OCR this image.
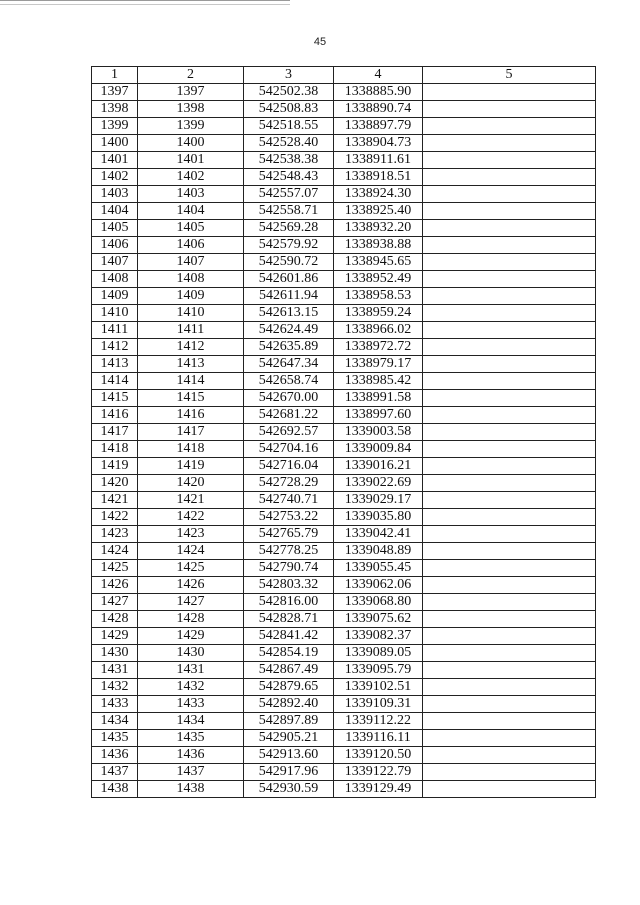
45
1	2	3	4	5
1397	1397	542502.38	1338885.90	
1398	1398	542508.83	1338890.74	
1399	1399	542518.55	1338897.79	
1400	1400	542528.40	1338904.73	
1401	1401	542538.38	1338911.61	
1402	1402	542548.43	1338918.51	
1403	1403	542557.07	1338924.30	
1404	1404	542558.71	1338925.40	
1405	1405	542569.28	1338932.20	
1406	1406	542579.92	1338938.88	
1407	1407	542590.72	1338945.65	
1408	1408	542601.86	1338952.49	
1409	1409	542611.94	1338958.53	
1410	1410	542613.15	1338959.24	
1411	1411	542624.49	1338966.02	
1412	1412	542635.89	1338972.72	
1413	1413	542647.34	1338979.17	
1414	1414	542658.74	1338985.42	
1415	1415	542670.00	1338991.58	
1416	1416	542681.22	1338997.60	
1417	1417	542692.57	1339003.58	
1418	1418	542704.16	1339009.84	
1419	1419	542716.04	1339016.21	
1420	1420	542728.29	1339022.69	
1421	1421	542740.71	1339029.17	
1422	1422	542753.22	1339035.80	
1423	1423	542765.79	1339042.41	
1424	1424	542778.25	1339048.89	
1425	1425	542790.74	1339055.45	
1426	1426	542803.32	1339062.06	
1427	1427	542816.00	1339068.80	
1428	1428	542828.71	1339075.62	
1429	1429	542841.42	1339082.37	
1430	1430	542854.19	1339089.05	
1431	1431	542867.49	1339095.79	
1432	1432	542879.65	1339102.51	
1433	1433	542892.40	1339109.31	
1434	1434	542897.89	1339112.22	
1435	1435	542905.21	1339116.11	
1436	1436	542913.60	1339120.50	
1437	1437	542917.96	1339122.79	
1438	1438	542930.59	1339129.49	
